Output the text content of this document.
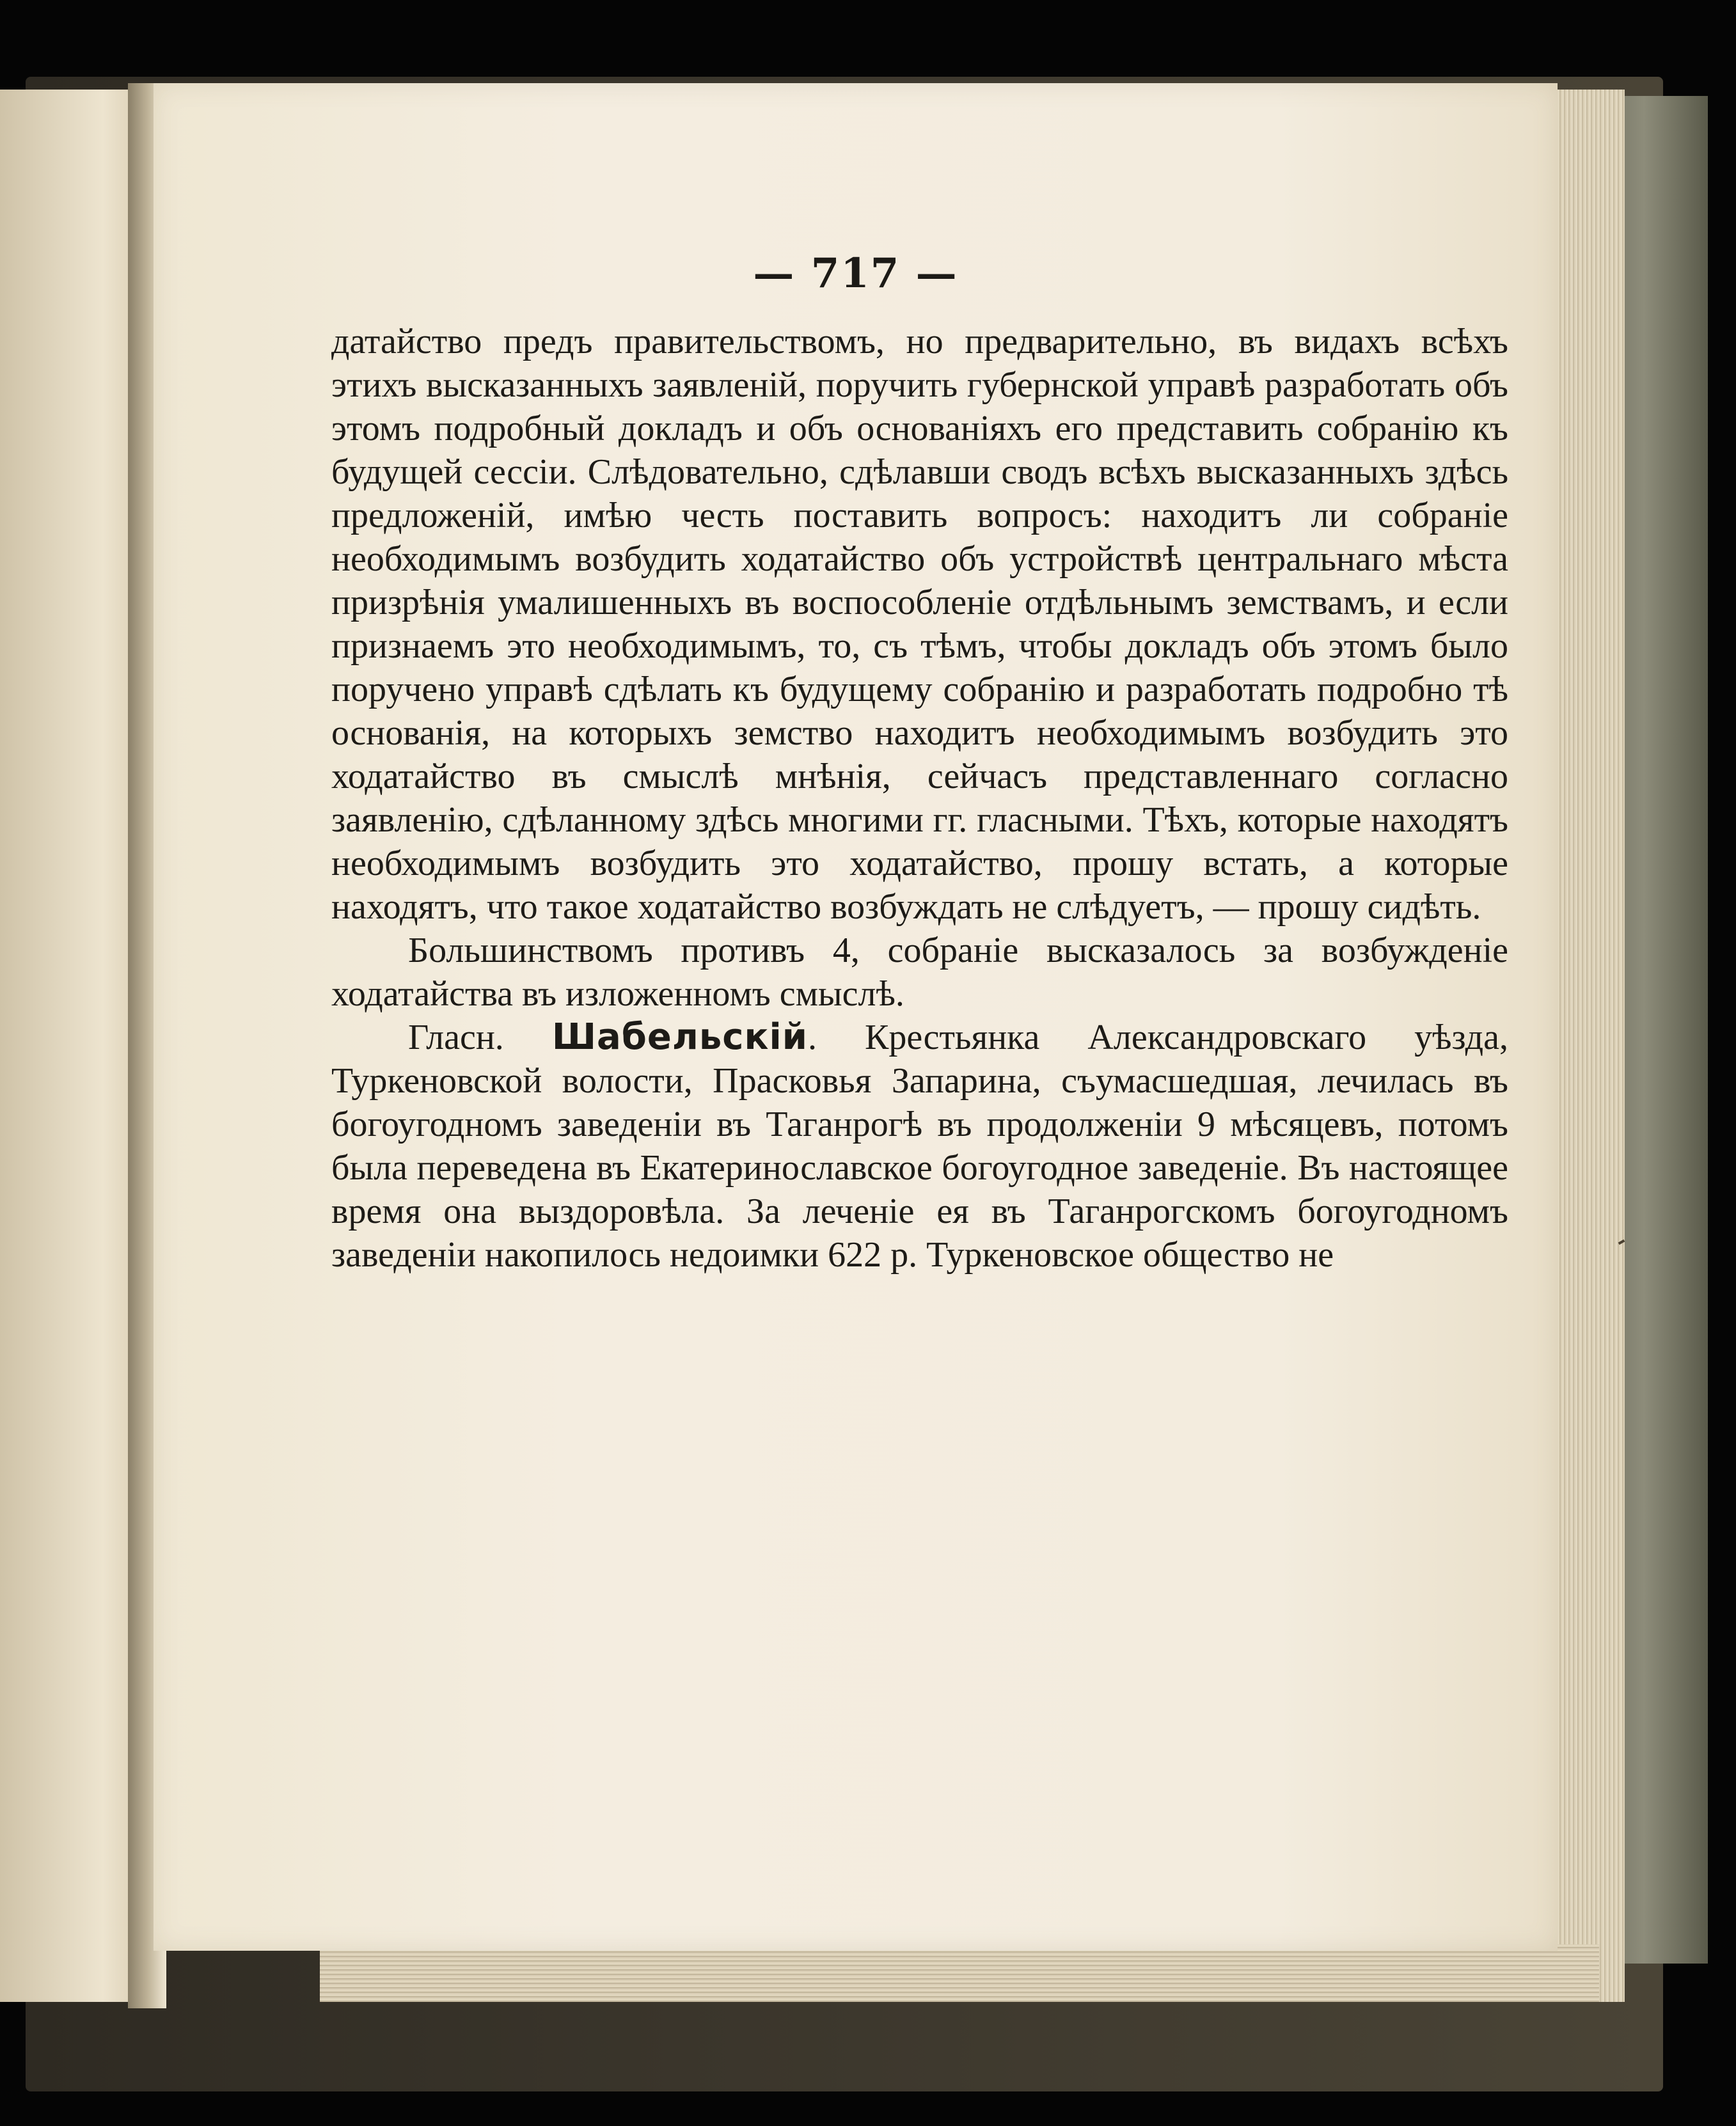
— 717 —

датайство предъ правительствомъ, но предварительно, въ видахъ всѣхъ этихъ высказанныхъ заявленій, поручить губернской управѣ разработать объ этомъ подробный докладъ и объ основаніяхъ его представить собранію къ будущей сессіи. Слѣдовательно, сдѣлавши сводъ всѣхъ высказанныхъ здѣсь предложеній, имѣю честь поставить вопросъ: находитъ ли собраніе необходимымъ возбудить ходатайство объ устройствѣ центральнаго мѣста призрѣнія умалишенныхъ въ воспособленіе отдѣльнымъ земствамъ, и если признаемъ это необходимымъ, то, съ тѣмъ, чтобы докладъ объ этомъ было поручено управѣ сдѣлать къ будущему собранію и разработать подробно тѣ основанія, на которыхъ земство находитъ необходимымъ возбудить это ходатайство въ смыслѣ мнѣнія, сейчасъ представленнаго согласно заявленію, сдѣланному здѣсь многими гг. гласными. Тѣхъ, которые находятъ необходимымъ возбудить это ходатайство, прошу встать, а которые находятъ, что такое ходатайство возбуждать не слѣдуетъ, — прошу сидѣть.

Большинствомъ противъ 4, собраніе высказалось за возбужденіе ходатайства въ изложенномъ смыслѣ.

Гласн. Шабельскій. Крестьянка Александровскаго уѣзда, Туркеновской волости, Прасковья Запарина, съумасшедшая, лечилась въ богоугодномъ заведеніи въ Таганрогѣ въ продолженіи 9 мѣсяцевъ, потомъ была переведена въ Екатеринославское богоугодное заведеніе. Въ настоящее время она выздоровѣла. За леченіе ея въ Таганрогскомъ богоугодномъ заведеніи накопилось недоимки 622 р. Туркеновское общество не
